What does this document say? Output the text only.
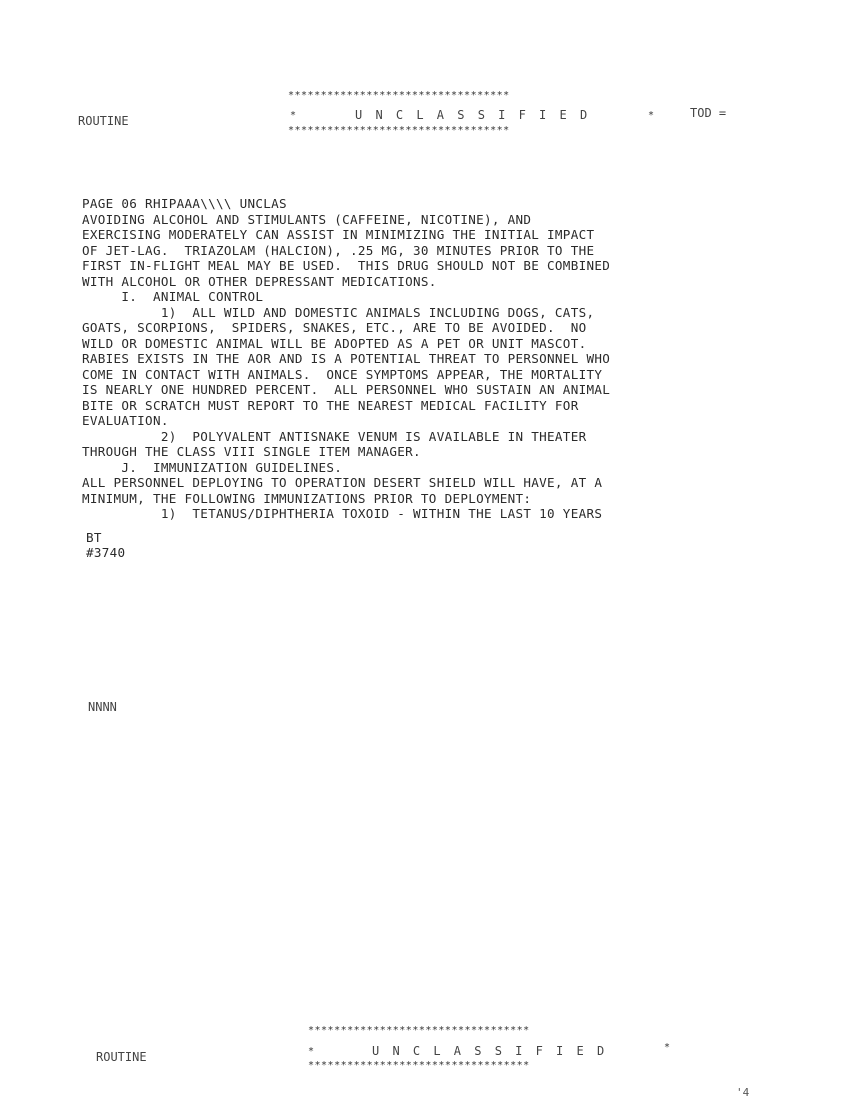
**********************************
*	U N C L A S S I F I E D	*
**********************************
ROUTINE
TOD =
PAGE 06 RHIPAAA\\\\ UNCLAS
AVOIDING ALCOHOL AND STIMULANTS (CAFFEINE, NICOTINE), AND
EXERCISING MODERATELY CAN ASSIST IN MINIMIZING THE INITIAL IMPACT
OF JET-LAG.  TRIAZOLAM (HALCION), .25 MG, 30 MINUTES PRIOR TO THE
FIRST IN-FLIGHT MEAL MAY BE USED.  THIS DRUG SHOULD NOT BE COMBINED
WITH ALCOHOL OR OTHER DEPRESSANT MEDICATIONS.
I.  ANIMAL CONTROL
1)  ALL WILD AND DOMESTIC ANIMALS INCLUDING DOGS, CATS,
GOATS, SCORPIONS,  SPIDERS, SNAKES, ETC., ARE TO BE AVOIDED.  NO
WILD OR DOMESTIC ANIMAL WILL BE ADOPTED AS A PET OR UNIT MASCOT.
RABIES EXISTS IN THE AOR AND IS A POTENTIAL THREAT TO PERSONNEL WHO
COME IN CONTACT WITH ANIMALS.  ONCE SYMPTOMS APPEAR, THE MORTALITY
IS NEARLY ONE HUNDRED PERCENT.  ALL PERSONNEL WHO SUSTAIN AN ANIMAL
BITE OR SCRATCH MUST REPORT TO THE NEAREST MEDICAL FACILITY FOR
EVALUATION.
2)  POLYVALENT ANTISNAKE VENUM IS AVAILABLE IN THEATER
THROUGH THE CLASS VIII SINGLE ITEM MANAGER.
J.  IMMUNIZATION GUIDELINES.
ALL PERSONNEL DEPLOYING TO OPERATION DESERT SHIELD WILL HAVE, AT A
MINIMUM, THE FOLLOWING IMMUNIZATIONS PRIOR TO DEPLOYMENT:
1)  TETANUS/DIPHTHERIA TOXOID - WITHIN THE LAST 10 YEARS
BT
#3740
NNNN
**********************************
*	U N C L A S S I F I E D	*
**********************************
ROUTINE
'4
